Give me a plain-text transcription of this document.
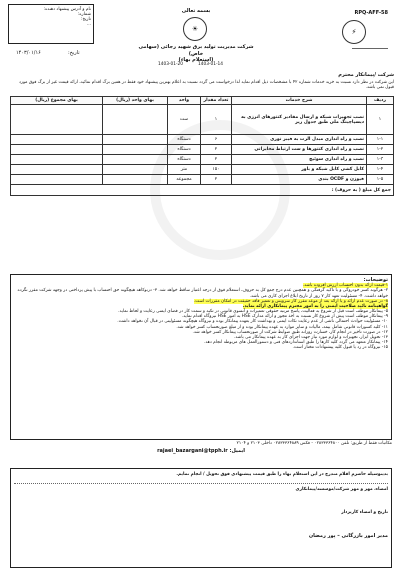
RPQ-AFF-58
⚡
بسمه تعالی
☀
شرکت مدیریت تولید برق شهید رجائی (سهامی خاص)
(استعلام بهاء)
تاریخ:
۱۴۰۳/۰۱/۱۶
نام و آدرس پیشنهاد دهنده:
شماره:
تاریخ:
...
1403-01-20	1403-01-14
شرکت /پیمانکار محترم
این شرکت در نظر دارد نسبت به خرید خدمات شماره ۴۲ با مشخصات ذیل اقدام نماید لذا درخواست می گردد نسبت به اعلام بهترین پیشنهاد خود فقط در همین برگ اقدام نمائید، ارائه قیمت غیر از برگ فوق مورد قبول نمی باشد.
ردیف	شرح خدمات	تعداد مقدار	واحد	بهای واحد (ریال)	بهای مجموع (ریال)
۱	نصب تجهیزات شبکه و ارسال مقادیر کنتورهای انرژی به دیسپاچینگ ملی طبق جدول زیر	۱	ست		
۱-۱	نصب و راه اندازی مبدل الرت به فیبر نوری	۶	دستگاه		
۱-۲	نصب و راه اندازی کنتورها و ست ارتباط مخابراتی	۲	دستگاه		
۱-۳	نصب و راه اندازی سوئیچ	۲	دستگاه		
۱-۴	کابل کشی کابل شبکه و باور	۱۵۰	متر		
۱-۵	فیوژن و OCDF بندی	۲	مجموعه		
جمع کل مبلغ ( به حروف) :					
توضیحات:
۱-قیمت ارائه بدون احتساب ارزش افزوده باشد.
۲- هرگونه کسر خودروگی و با تاکید گرفتگی و همچنین عدم درج جمع کل به حروف، استعلام فوق از درجه اعتبار ساقط خواهد شد. ۳- درنوکاهه هیچگونه حق احتساب با پیش پرداختی در وجهه شرکت مقرر نگرده خواهد داشت. ۴- مسئولیت تعهد کار ۷ روز از تاریخ ابلاغ اجرای کاری می باشد.
۸- در صورت عدم ارائه و یا ارائه بعد از موعد مقرر کار سرویس و تعمیر فاقد حقیقت در امکان مقررات است.
گواهینامه تائید صلاحیت ایمنی را به امور محترم پیمانکاری ارائه نماید.
۵- پیمانکار موظف است قبل از شروع به فعالیت، پاسخ مرتبه حقوقی تعمیرات و آنسوی قانونی در تکیه و سمت کار در فضای ایمنی رعایت و لحاظ نماید.
۹- پیمانکار موظف است پیش از شروع کار نسبت به اخذ مجوز و ارائه مدارک HSE به امور HSE نیروگاه اقدام نماید.
۱۰- مسئولیت حوادث احتمالی ناشی از عدم رعایت نکات ایمنی و بهداشت کار بعهده پیمانکار بوده و نیروگاه هیچگونه مسئولیتی در قبال آن نخواهد داشت.
۱۱- کلیه کسورات قانونی شامل بیمه، مالیات و سایر موارد به عهده پیمانکار بوده و از مبلغ صورتحساب کسر خواهد شد.
۱۲- در صورت تاخیر در انجام کار، خسارت روزانه طبق ضوابط شرکت از صورتحساب پیمانکار کسر خواهد شد.
۱۳- تحویل ابزار، تجهیزات و لوازم مورد نیاز جهت اجرای کار به عهده پیمانکار می باشد.
۱۴- پیمانکار متعهد می گردد کلیه کارها را طبق استانداردهای فنی و دستورالعمل های مربوطه انجام دهد.
۱۵- نیروگاه در رد یا قبول کلیه پیشنهادات مختار است.
مکاتبات فقط از طریق: تلفن ۰۲۸۳۳۳۶۴۸۰۰ - فکس ۰۲۸۳۳۳۶۴۸۸۹ داخلی ۲۱۰۳ و ۲۱۰۴
ایمیل: rajaei_bazargani@tpph.ir
بدینوسیله حاضرم اقلام مندرج در این استعلام بهاء را طبق قیمت پیشنهادی فوق تحویل / انجام نمایم.
امضاء، مهر و مهر شرکت/موسسه/پیمانکاری
تاریخ و امضاء کاربردار
مدیر امور بازرگانی – پور رمضان
